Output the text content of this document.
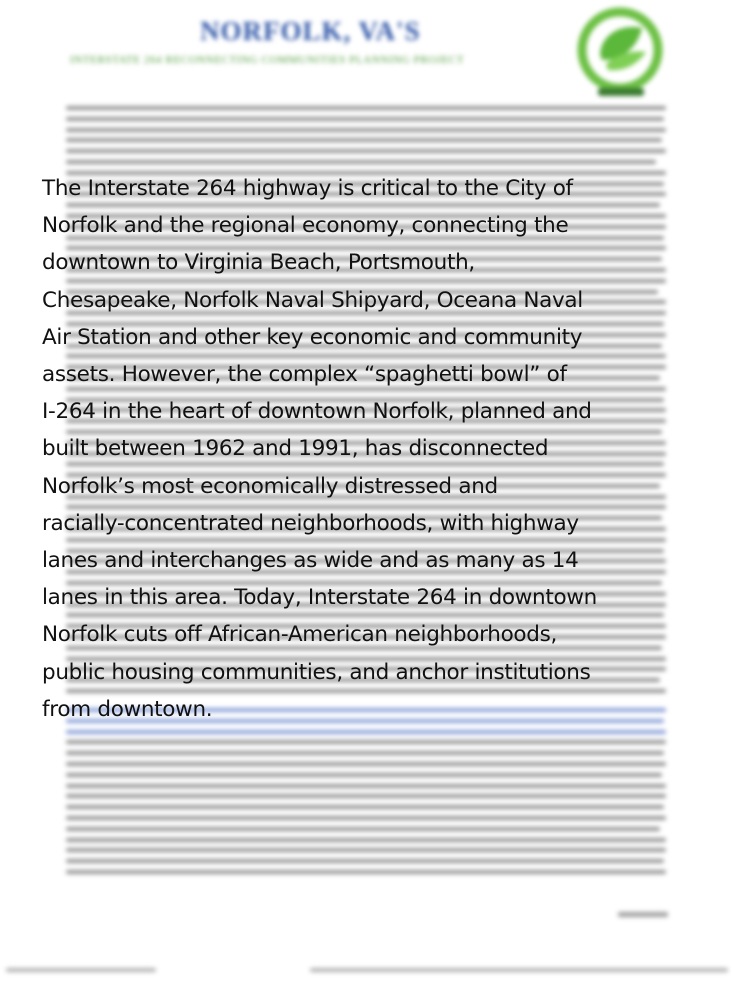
NORFOLK, VA'S
INTERSTATE 264 RECONNECTING COMMUNITIES PLANNING PROJECT

The Interstate 264 highway is critical to the City of
Norfolk and the regional economy, connecting the
downtown to Virginia Beach, Portsmouth,
Chesapeake, Norfolk Naval Shipyard, Oceana Naval
Air Station and other key economic and community
assets. However, the complex “spaghetti bowl” of
I-264 in the heart of downtown Norfolk, planned and
built between 1962 and 1991, has disconnected
Norfolk’s most economically distressed and
racially-concentrated neighborhoods, with highway
lanes and interchanges as wide and as many as 14
lanes in this area. Today, Interstate 264 in downtown
Norfolk cuts off African-American neighborhoods,
public housing communities, and anchor institutions
from downtown.
